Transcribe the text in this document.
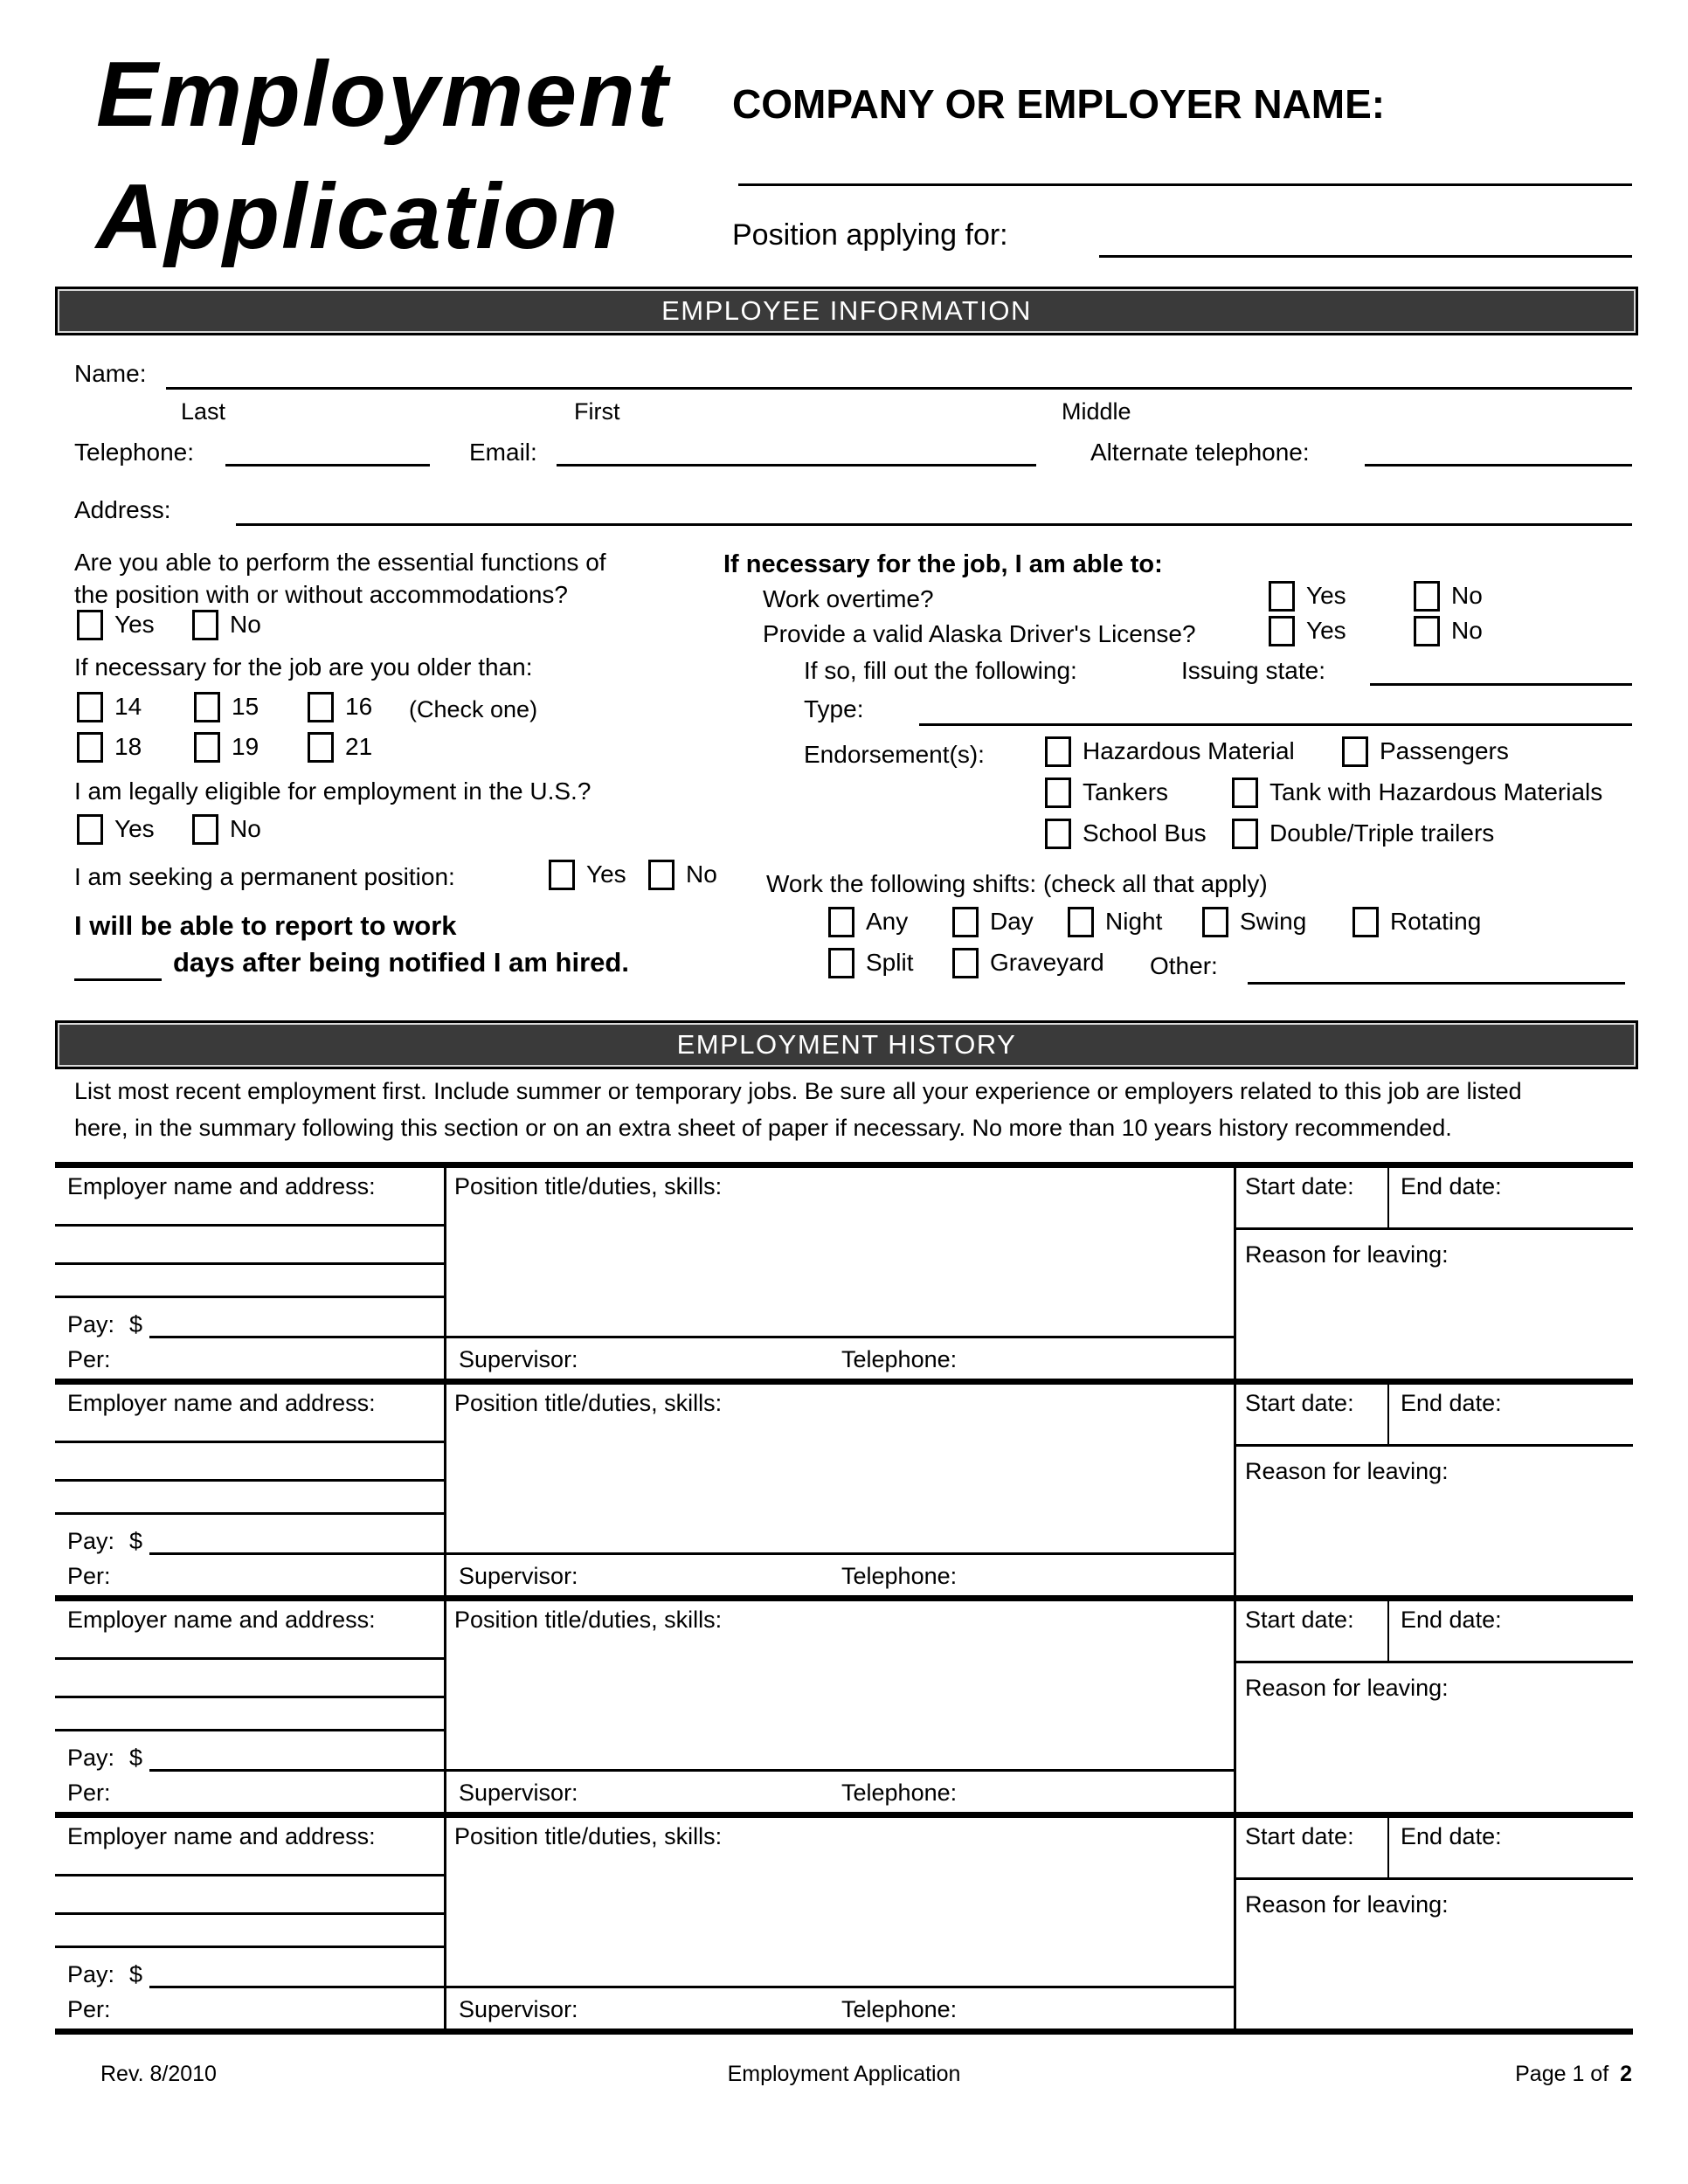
Employment
Application
COMPANY OR EMPLOYER NAME:
Position applying for:
EMPLOYEE INFORMATION
Name:
Last	First	Middle
Telephone:	Email:	Alternate telephone:
Address:
Are you able to perform the essential functions of
the position with or without accommodations?
Yes	No
If necessary for the job are you older than:
14	15	16 (Check one)
18	19	21
I am legally eligible for employment in the U.S.?
Yes	No
I am seeking a permanent position:	Yes No
I will be able to report to work
days after being notified I am hired.
If necessary for the job, I am able to:
Work overtime?	Yes	No
Provide a valid Alaska Driver's License?	Yes	No
If so, fill out the following:	Issuing state:
Type:
Endorsement(s):	Hazardous Material	Passengers
Tankers	Tank with Hazardous Materials
School Bus	Double/Triple trailers
Work the following shifts: (check all that apply)
Any	Day	Night	Swing	Rotating
Split	Graveyard Other:
EMPLOYMENT HISTORY
List most recent employment first. Include summer or temporary jobs. Be sure all your experience or employers related to this job are listed
here, in the summary following this section or on an extra sheet of paper if necessary. No more than 10 years history recommended.
Employer name and address:
Pay: $
Per:
Position title/duties, skills:
Supervisor:	Telephone:
Start date: End date:
Reason for leaving:
Employer name and address:
Pay: $
Per:
Position title/duties, skills:
Supervisor:	Telephone:
Start date: End date:
Reason for leaving:
Employer name and address:
Pay: $
Per:
Position title/duties, skills:
Supervisor:	Telephone:
Start date: End date:
Reason for leaving:
Employer name and address:
Pay: $
Per:
Position title/duties, skills:
Supervisor:	Telephone:
Start date: End date:
Reason for leaving:
Rev. 8/2010	Employment Application	Page 1 of 2
